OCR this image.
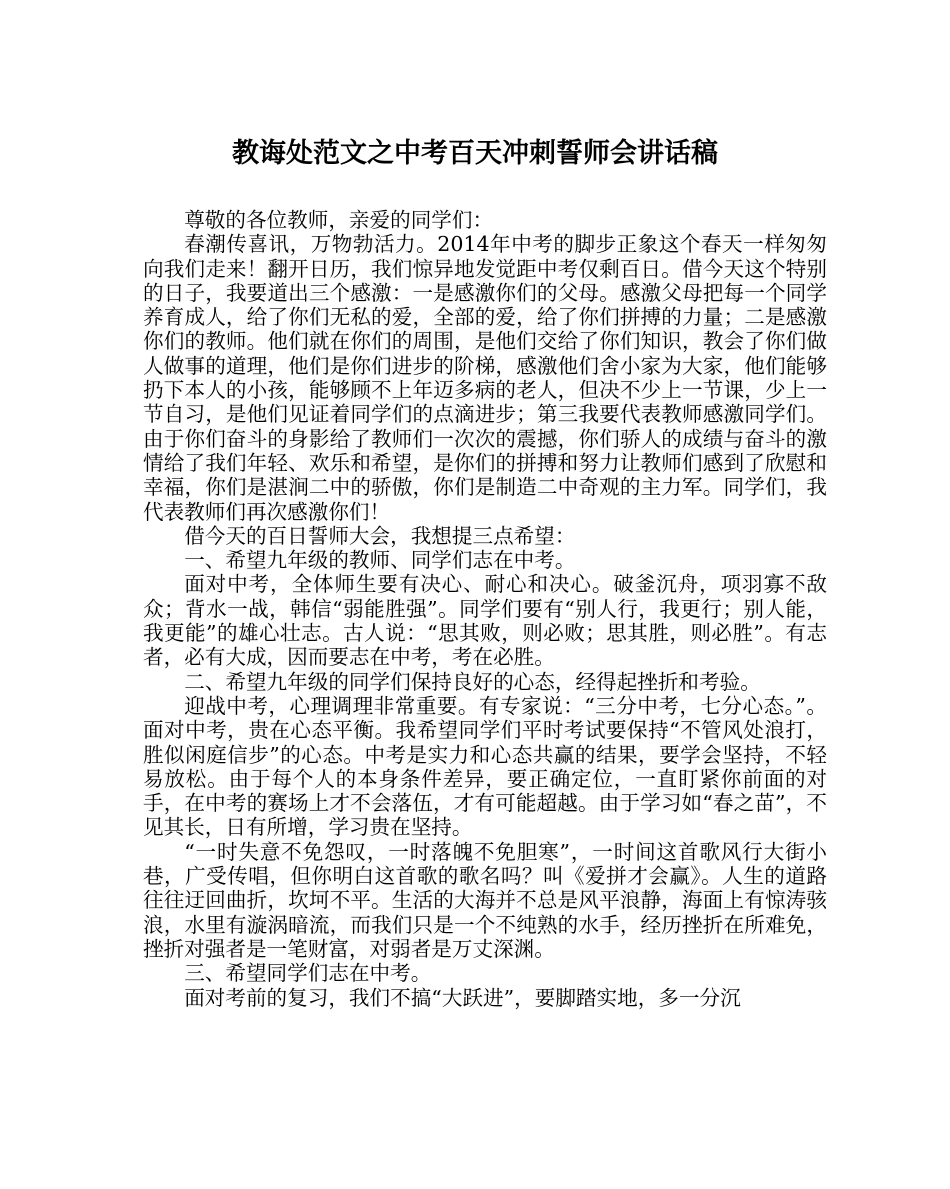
教诲处范文之中考百天冲刺誓师会讲话稿

尊敬的各位教师，亲爱的同学们：

春潮传喜讯，万物勃活力。2014年中考的脚步正象这个春天一样匆匆向我们走来！翻开日历，我们惊异地发觉距中考仅剩百日。借今天这个特别的日子，我要道出三个感激：一是感激你们的父母。感激父母把每一个同学养育成人，给了你们无私的爱，全部的爱，给了你们拼搏的力量；二是感激你们的教师。他们就在你们的周围，是他们交给了你们知识，教会了你们做人做事的道理，他们是你们进步的阶梯，感激他们舍小家为大家，他们能够扔下本人的小孩，能够顾不上年迈多病的老人，但决不少上一节课，少上一节自习，是他们见证着同学们的点滴进步；第三我要代表教师感激同学们。由于你们奋斗的身影给了教师们一次次的震撼，你们骄人的成绩与奋斗的激情给了我们年轻、欢乐和希望，是你们的拼搏和努力让教师们感到了欣慰和幸福，你们是湛涧二中的骄傲，你们是制造二中奇观的主力军。同学们，我代表教师们再次感激你们！

借今天的百日誓师大会，我想提三点希望：

一、希望九年级的教师、同学们志在中考。

面对中考，全体师生要有决心、耐心和决心。破釜沉舟，项羽寡不敌众；背水一战，韩信“弱能胜强”。同学们要有“别人行，我更行；别人能，我更能”的雄心壮志。古人说：“思其败，则必败；思其胜，则必胜”。有志者，必有大成，因而要志在中考，考在必胜。

二、希望九年级的同学们保持良好的心态，经得起挫折和考验。

迎战中考，心理调理非常重要。有专家说：“三分中考，七分心态。”。面对中考，贵在心态平衡。我希望同学们平时考试要保持“不管风处浪打，胜似闲庭信步”的心态。中考是实力和心态共赢的结果，要学会坚持，不轻易放松。由于每个人的本身条件差异，要正确定位，一直盯紧你前面的对手，在中考的赛场上才不会落伍，才有可能超越。由于学习如“春之苗”，不见其长，日有所增，学习贵在坚持。

“一时失意不免怨叹，一时落魄不免胆寒”，一时间这首歌风行大街小巷，广受传唱，但你明白这首歌的歌名吗？叫《爱拼才会赢》。人生的道路往往迂回曲折，坎坷不平。生活的大海并不总是风平浪静，海面上有惊涛骇浪，水里有漩涡暗流，而我们只是一个不纯熟的水手，经历挫折在所难免，挫折对强者是一笔财富，对弱者是万丈深渊。

三、希望同学们志在中考。

面对考前的复习，我们不搞“大跃进”，要脚踏实地，多一分沉
